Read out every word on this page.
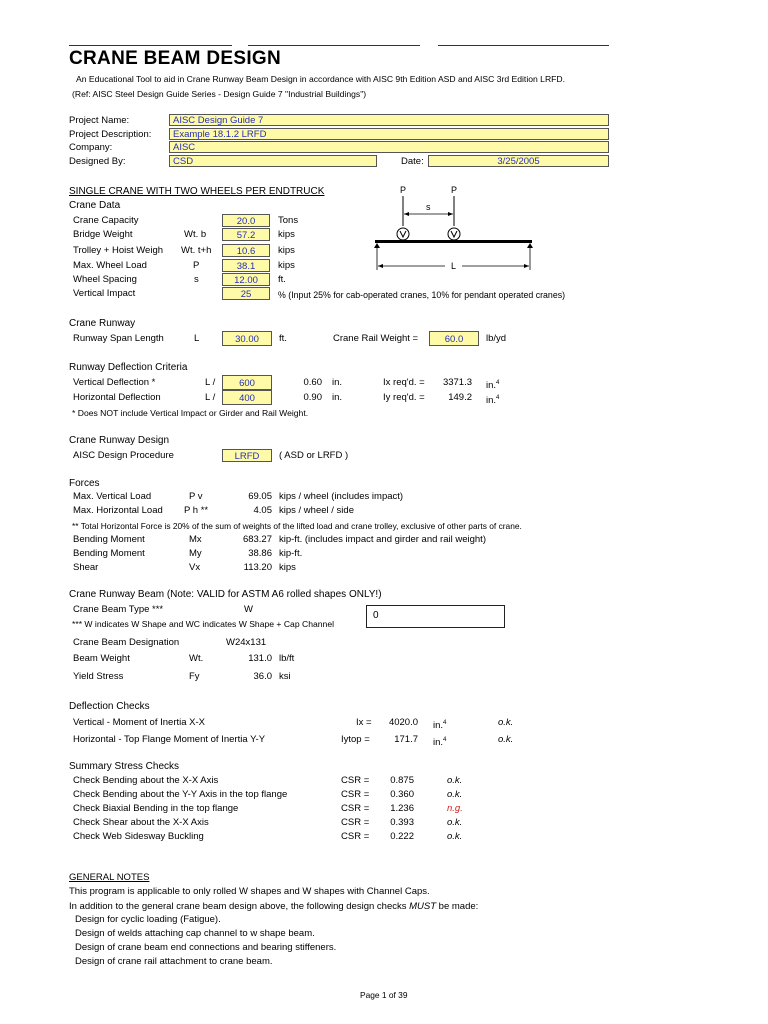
CRANE BEAM DESIGN
An Educational Tool to aid in Crane Runway Beam Design in accordance with AISC 9th Edition ASD and AISC 3rd Edition LRFD.
(Ref: AISC Steel Design Guide Series - Design Guide 7 "Industrial Buildings")
Project Name:	AISC Design Guide 7
Project Description:	Example 18.1.2 LRFD
Company:	AISC
Designed By:	CSD	Date:	3/25/2005
SINGLE CRANE WITH TWO WHEELS PER ENDTRUCK
Crane Data
Crane Capacity	20.0	Tons
Bridge Weight	Wt. b	57.2	kips
Trolley + Hoist Weigh Wt. t+h	10.6	kips
Max. Wheel Load	P	38.1	kips
Wheel Spacing	s	12.00	ft.
Vertical Impact	25	% (Input 25% for cab-operated cranes, 10% for pendant operated cranes)
P	P
s
L
Crane Runway
Runway Span Length	L	30.00	ft.	Crane Rail Weight =	60.0	lb/yd
Runway Deflection Criteria
Vertical Deflection *	L /	600	0.60 in.	Ix req'd. =	3371.3 in.$^4$
Horizontal Deflection	L /	400	0.90 in.	Iy req'd. =	149.2 in.$^4$
* Does NOT include Vertical Impact or Girder and Rail Weight.
Crane Runway Design
AISC Design Procedure	LRFD	( ASD or LRFD )
Forces
Max. Vertical Load	P v	69.05 kips / wheel (includes impact)
Max. Horizontal Load P h **	4.05 kips / wheel / side
** Total Horizontal Force is 20% of the sum of weights of the lifted load and crane trolley, exclusive of other parts of crane.
Bending Moment	Mx	683.27 kip-ft. (includes impact and girder and rail weight)
Bending Moment	My	38.86 kip-ft.
Shear	Vx	113.20 kips
Crane Runway Beam (Note: VALID for ASTM A6 rolled shapes ONLY!)
Crane Beam Type ***	W
*** W indicates W Shape and WC indicates W Shape + Cap Channel
0
Crane Beam Designation	W24x131
Beam Weight	Wt.	131.0 lb/ft
Yield Stress	Fy	36.0 ksi
Deflection Checks
Vertical - Moment of Inertia X-X	Ix =	4020.0 in.$^4$	o.k.
Horizontal - Top Flange Moment of Inertia Y-Y	Iytop =	171.7 in.$^4$	o.k.
Summary Stress Checks
Check Bending about the X-X Axis	CSR =	0.875	o.k.
Check Bending about the Y-Y Axis in the top flange	CSR =	0.360	o.k.
Check Biaxial Bending in the top flange	CSR =	1.236	n.g.
Check Shear about the X-X Axis	CSR =	0.393	o.k.
Check Web Sidesway Buckling	CSR =	0.222	o.k.
GENERAL NOTES
This program is applicable to only rolled W shapes and W shapes with Channel Caps.
In addition to the general crane beam design above, the following design checks MUST be made:
Design for cyclic loading (Fatigue).
Design of welds attaching cap channel to w shape beam.
Design of crane beam end connections and bearing stiffeners.
Design of crane rail attachment to crane beam.
Page 1 of 39
